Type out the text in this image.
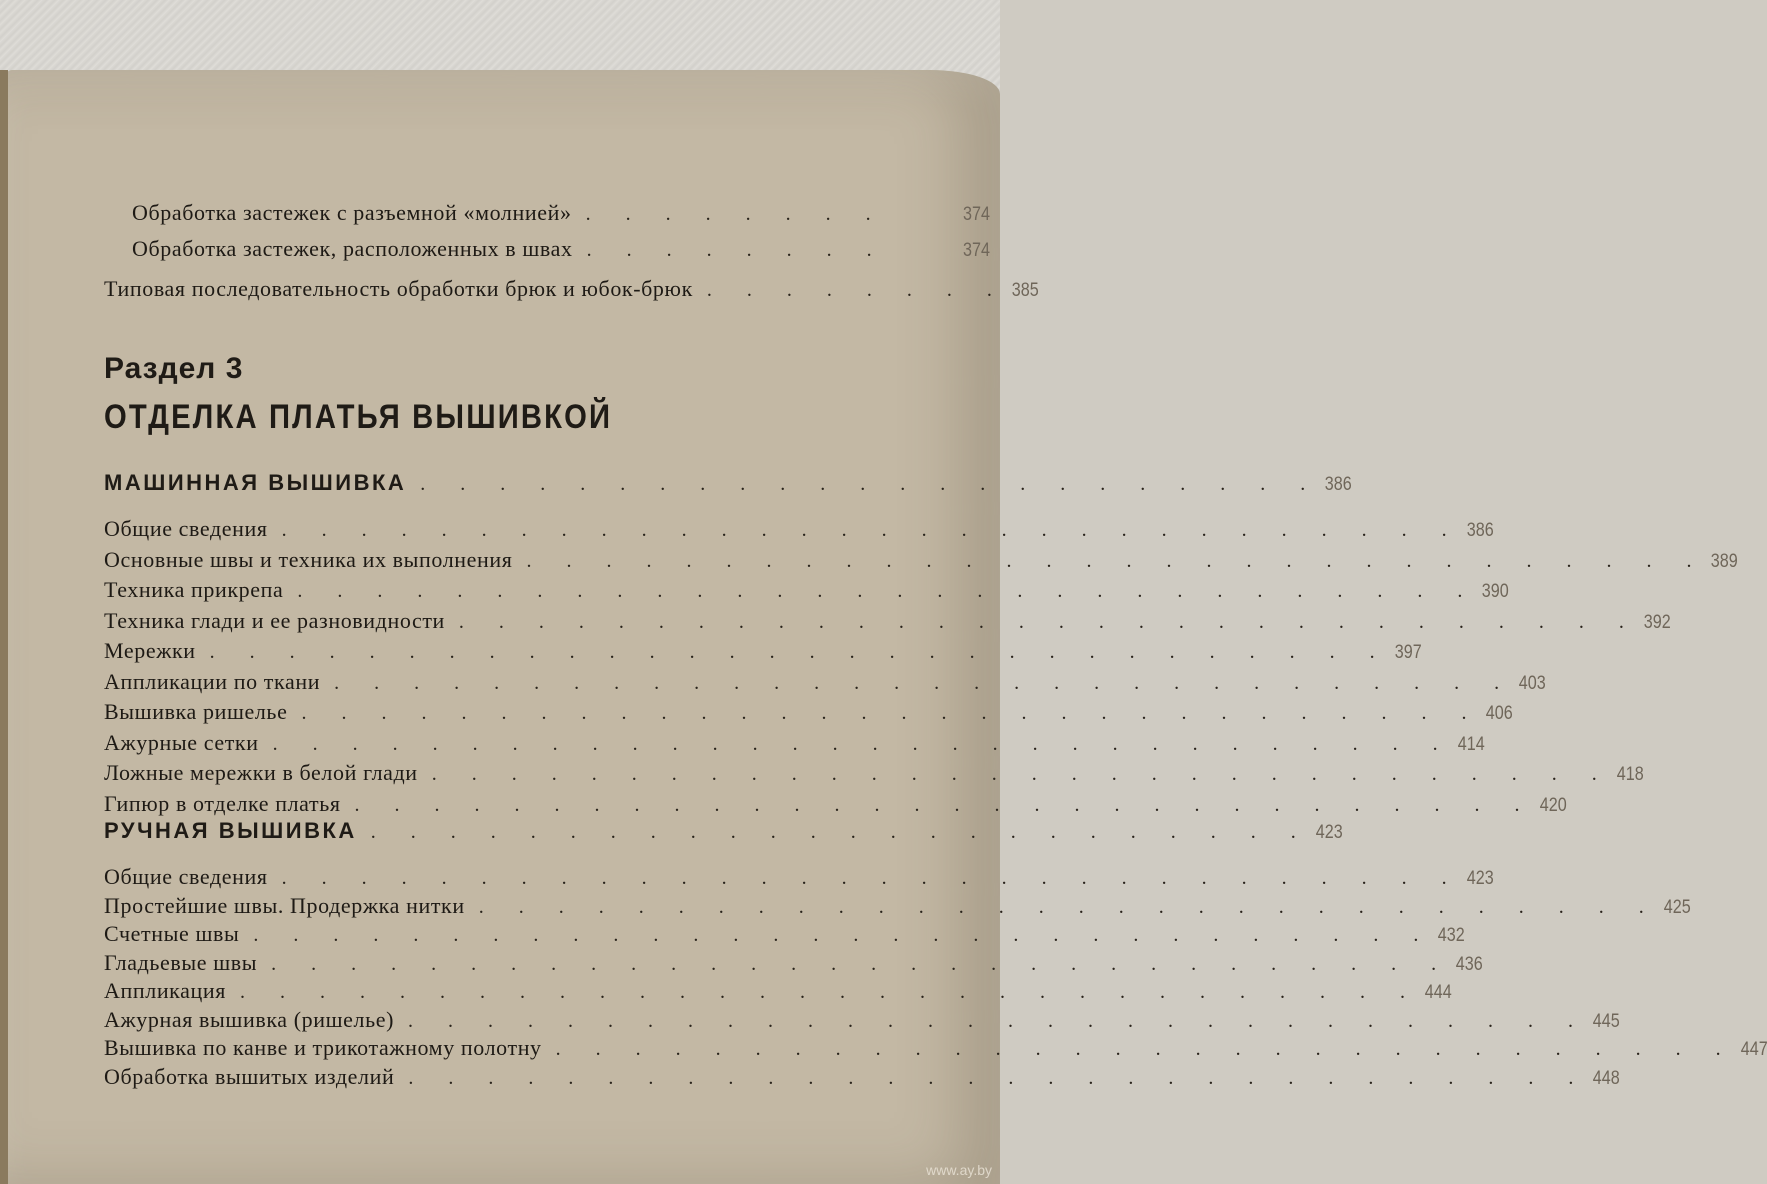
Обработка застежек с разъемной «молнией» . . . . . . . .	374
Обработка застежек, расположенных в швах . . . . . . . .	374
Типовая последовательность обработки брюк и юбок-брюк . . . . . . . . 385
Раздел 3
ОТДЕЛКА ПЛАТЬЯ ВЫШИВКОЙ
МАШИННАЯ ВЫШИВКА . . . . . . . . . . . . . . . . . . . . . . . 386
Общие сведения . . . . . . . . . . . . . . . . . . . . . . . . . . . . . . 386
Основные швы и техника их выполнения . . . . . . . . . . . . . . . . . . . . . . . . . . . . . . 389
Техника прикрепа . . . . . . . . . . . . . . . . . . . . . . . . . . . . . . 390
Техника глади и ее разновидности . . . . . . . . . . . . . . . . . . . . . . . . . . . . . . 392
Мережки . . . . . . . . . . . . . . . . . . . . . . . . . . . . . . 397
Аппликации по ткани . . . . . . . . . . . . . . . . . . . . . . . . . . . . . . 403
Вышивка ришелье . . . . . . . . . . . . . . . . . . . . . . . . . . . . . . 406
Ажурные сетки . . . . . . . . . . . . . . . . . . . . . . . . . . . . . . 414
Ложные мережки в белой глади . . . . . . . . . . . . . . . . . . . . . . . . . . . . . . 418
Гипюр в отделке платья . . . . . . . . . . . . . . . . . . . . . . . . . . . . . . 420
РУЧНАЯ ВЫШИВКА . . . . . . . . . . . . . . . . . . . . . . . . 423
Общие сведения . . . . . . . . . . . . . . . . . . . . . . . . . . . . . . 423
Простейшие швы. Продержка нитки . . . . . . . . . . . . . . . . . . . . . . . . . . . . . . 425
Счетные швы . . . . . . . . . . . . . . . . . . . . . . . . . . . . . . 432
Гладьевые швы . . . . . . . . . . . . . . . . . . . . . . . . . . . . . . 436
Аппликация . . . . . . . . . . . . . . . . . . . . . . . . . . . . . . 444
Ажурная вышивка (ришелье) . . . . . . . . . . . . . . . . . . . . . . . . . . . . . . 445
Вышивка по канве и трикотажному полотну . . . . . . . . . . . . . . . . . . . . . . . . . . . . . . 447
Обработка вышитых изделий . . . . . . . . . . . . . . . . . . . . . . . . . . . . . . 448
www.ay.by
